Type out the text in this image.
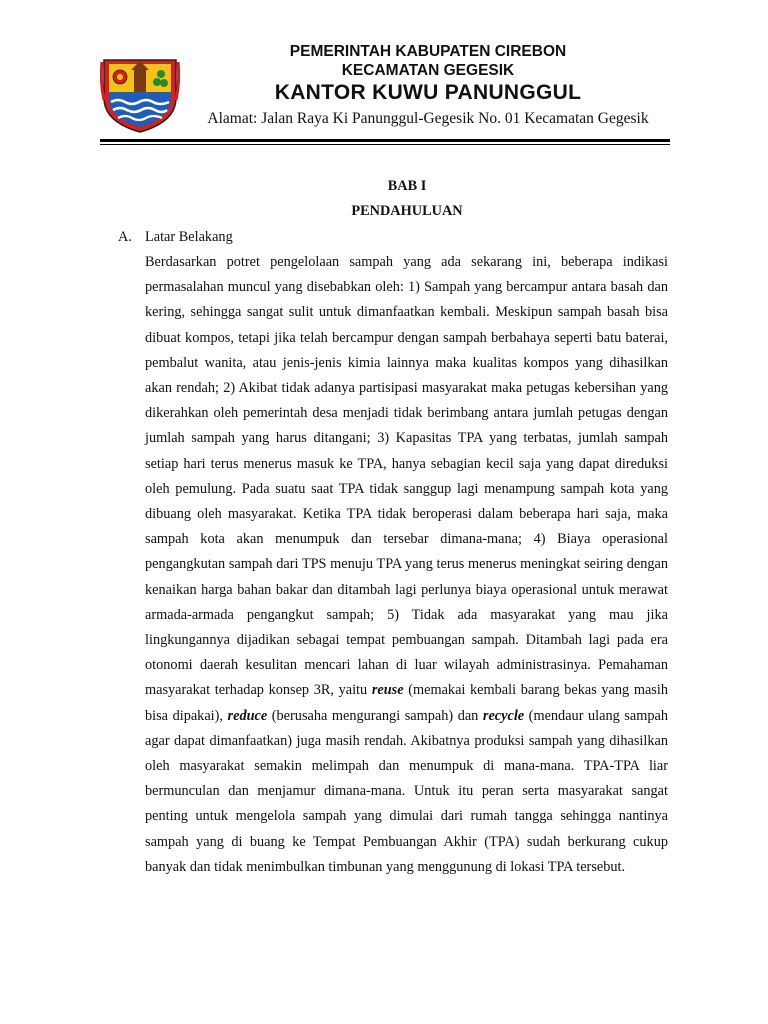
PEMERINTAH KABUPATEN CIREBON
KECAMATAN GEGESIK
KANTOR KUWU PANUNGGUL
Alamat: Jalan Raya Ki Panunggul-Gegesik No. 01 Kecamatan Gegesik
BAB I
PENDAHULUAN
A. Latar Belakang
Berdasarkan potret pengelolaan sampah yang ada sekarang ini, beberapa indikasi permasalahan muncul yang disebabkan oleh: 1) Sampah yang bercampur antara basah dan kering, sehingga sangat sulit untuk dimanfaatkan kembali. Meskipun sampah basah bisa dibuat kompos, tetapi jika telah bercampur dengan sampah berbahaya seperti batu baterai, pembalut wanita, atau jenis-jenis kimia lainnya maka kualitas kompos yang dihasilkan akan rendah; 2) Akibat tidak adanya partisipasi masyarakat maka petugas kebersihan yang dikerahkan oleh pemerintah desa menjadi tidak berimbang antara jumlah petugas dengan jumlah sampah yang harus ditangani; 3) Kapasitas TPA yang terbatas, jumlah sampah setiap hari terus menerus masuk ke TPA, hanya sebagian kecil saja yang dapat direduksi oleh pemulung. Pada suatu saat TPA tidak sanggup lagi menampung sampah kota yang dibuang oleh masyarakat. Ketika TPA tidak beroperasi dalam beberapa hari saja, maka sampah kota akan menumpuk dan tersebar dimana-mana; 4) Biaya operasional pengangkutan sampah dari TPS menuju TPA yang terus menerus meningkat seiring dengan kenaikan harga bahan bakar dan ditambah lagi perlunya biaya operasional untuk merawat armada-armada pengangkut sampah; 5) Tidak ada masyarakat yang mau jika lingkungannya dijadikan sebagai tempat pembuangan sampah. Ditambah lagi pada era otonomi daerah kesulitan mencari lahan di luar wilayah administrasinya. Pemahaman masyarakat terhadap konsep 3R, yaitu reuse (memakai kembali barang bekas yang masih bisa dipakai), reduce (berusaha mengurangi sampah) dan recycle (mendaur ulang sampah agar dapat dimanfaatkan) juga masih rendah. Akibatnya produksi sampah yang dihasilkan oleh masyarakat semakin melimpah dan menumpuk di mana-mana. TPA-TPA liar bermunculan dan menjamur dimana-mana. Untuk itu peran serta masyarakat sangat penting untuk mengelola sampah yang dimulai dari rumah tangga sehingga nantinya sampah yang di buang ke Tempat Pembuangan Akhir (TPA) sudah berkurang cukup banyak dan tidak menimbulkan timbunan yang menggunung di lokasi TPA tersebut.
